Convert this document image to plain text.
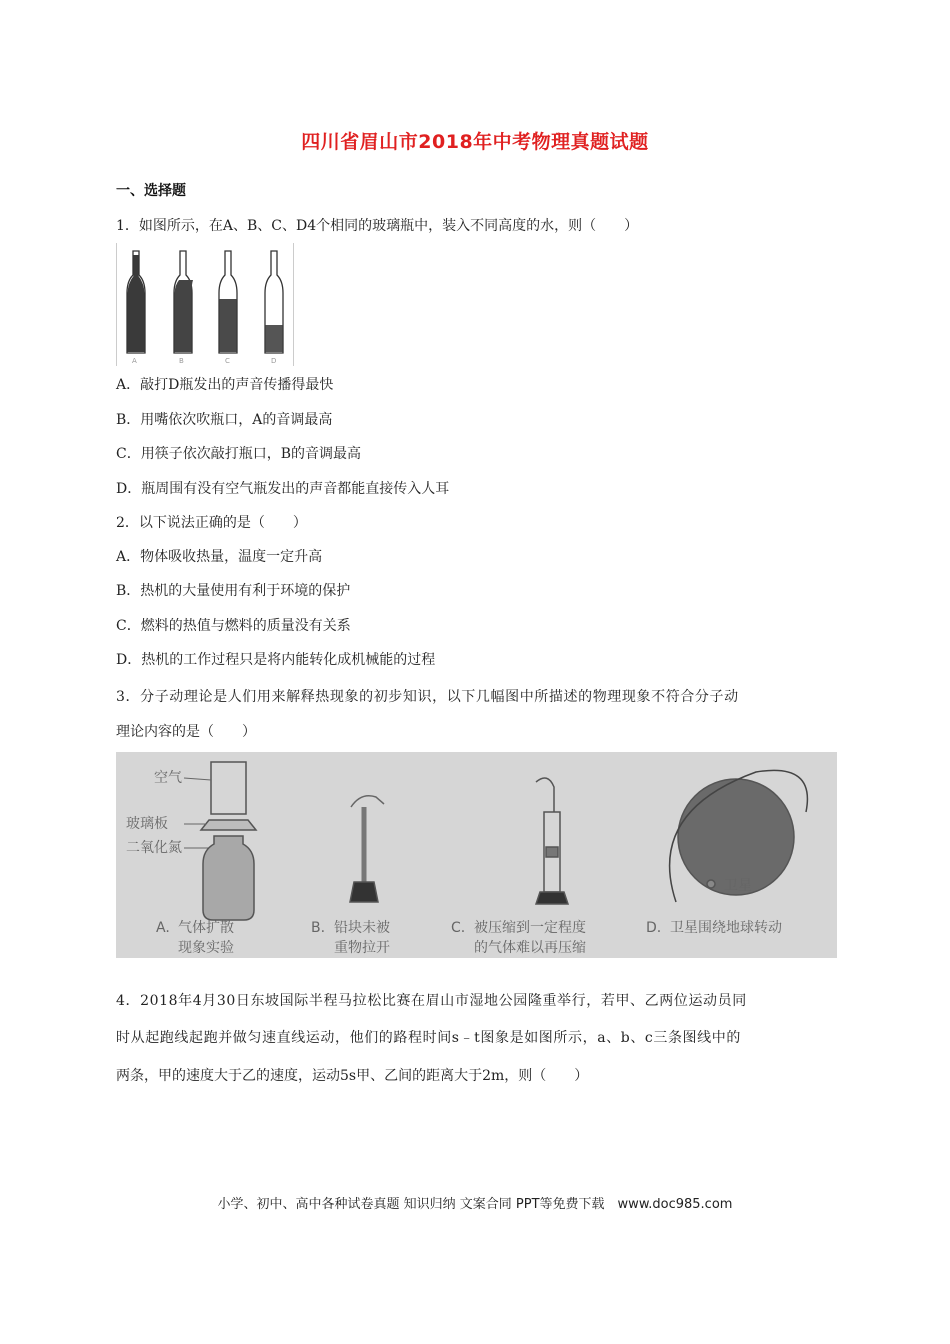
四川省眉山市2018年中考物理真题试题
一、选择题
1．如图所示，在A、B、C、D4个相同的玻璃瓶中，装入不同高度的水，则（　　）
A	B	C	D
A．敲打D瓶发出的声音传播得最快
B．用嘴依次吹瓶口，A的音调最高
C．用筷子依次敲打瓶口，B的音调最高
D．瓶周围有没有空气瓶发出的声音都能直接传入人耳
2．以下说法正确的是（　　）
A．物体吸收热量，温度一定升高
B．热机的大量使用有利于环境的保护
C．燃料的热值与燃料的质量没有关系
D．热机的工作过程只是将内能转化成机械能的过程
3．分子动理论是人们用来解释热现象的初步知识，以下几幅图中所描述的物理现象不符合分子动
理论内容的是（　　）
空气
玻璃板
二氧化氮
卫星
A. 气体扩散
现象实验
B. 铅块未被
重物拉开
C. 被压缩到一定程度
的气体难以再压缩
D. 卫星围绕地球转动
4．2018年4月30日东坡国际半程马拉松比赛在眉山市湿地公园隆重举行，若甲、乙两位运动员同
时从起跑线起跑并做匀速直线运动，他们的路程时间s﹣t图象是如图所示，a、b、c三条图线中的
两条，甲的速度大于乙的速度，运动5s甲、乙间的距离大于2m，则（　　）
小学、初中、高中各种试卷真题 知识归纳 文案合同 PPT等免费下载　www.doc985.com
